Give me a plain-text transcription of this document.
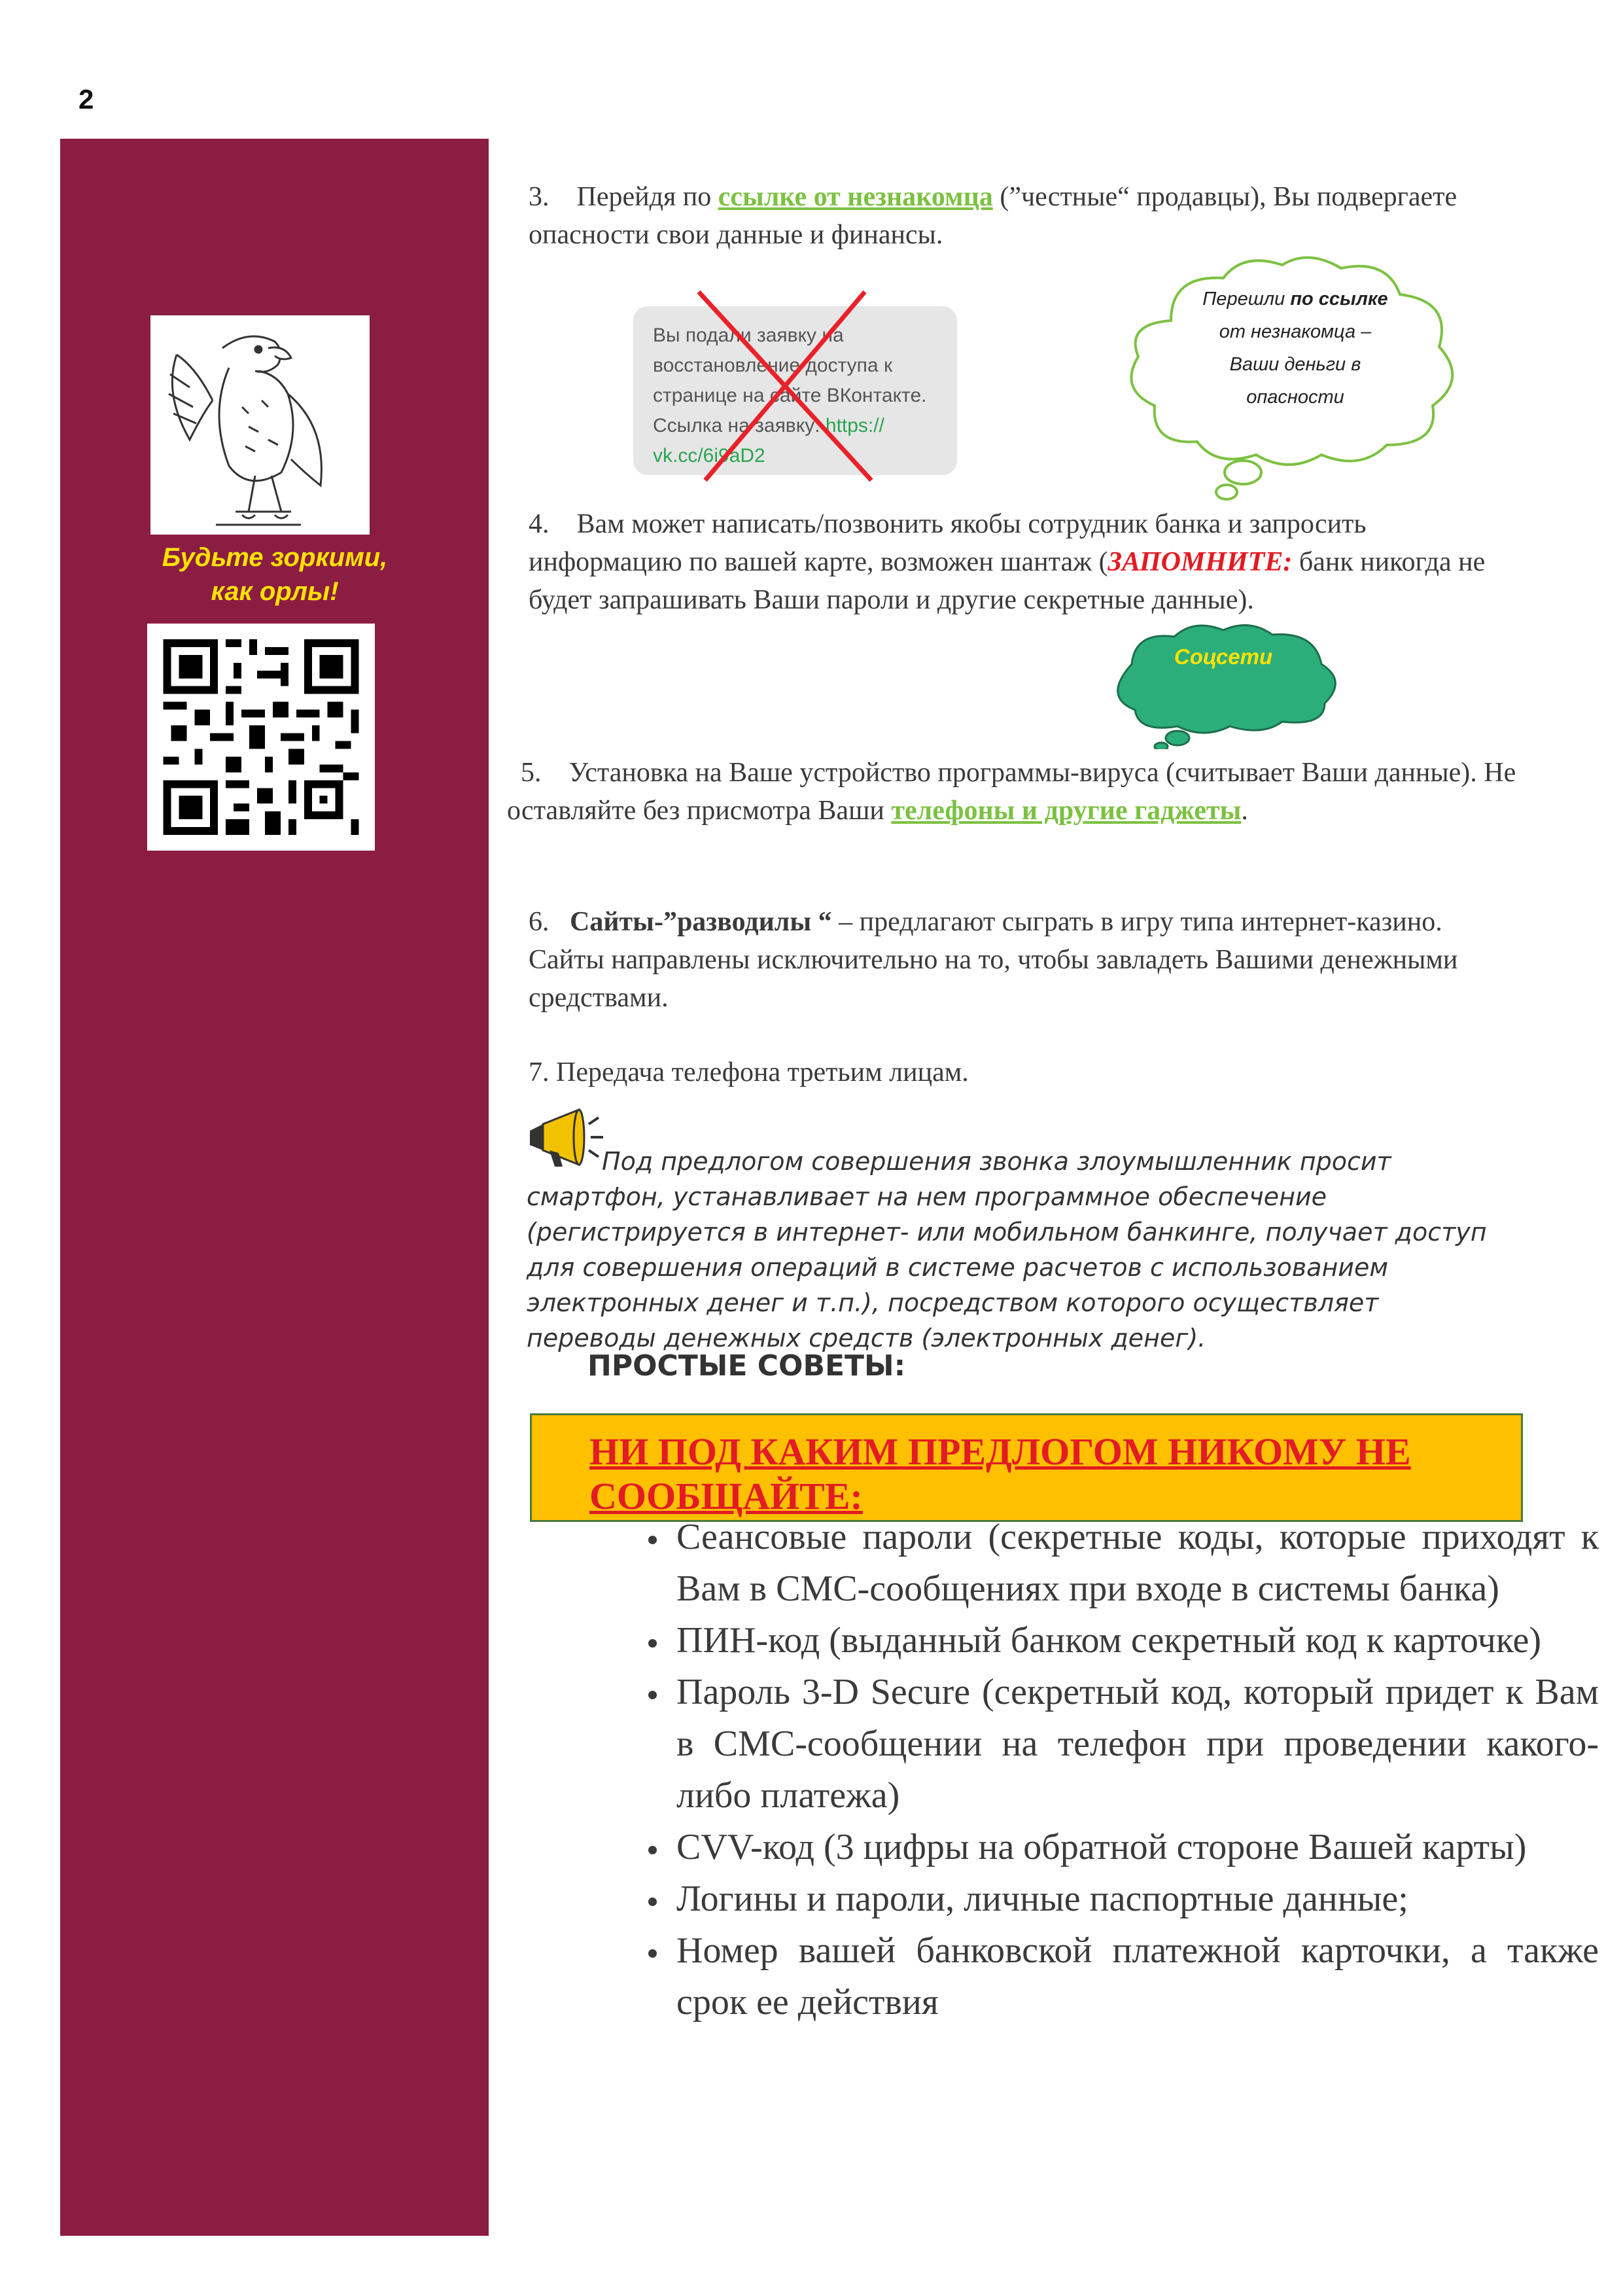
2
Будьте зоркими,
как орлы!
3. Перейдя по ссылке от незнакомца (”честные“ продавцы), Вы подвергаете опасности свои данные и финансы.
Вы подали заявку на восстановление доступа к странице на сайте ВКонтакте. Ссылка на заявку: https:// vk.cc/6i9aD2
Перешли по ссылке
от незнакомца –
Ваши деньги в
опасности
4. Вам может написать/позвонить якобы сотрудник банка и запросить информацию по вашей карте, возможен шантаж (ЗАПОМНИТЕ: банк никогда не будет запрашивать Ваши пароли и другие секретные данные).
Соцсети
5. Установка на Ваше устройство программы-вируса (считывает Ваши данные). Не оставляйте без присмотра Ваши телефоны и другие гаджеты.
6. Сайты-”разводилы “ – предлагают сыграть в игру типа интернет-казино. Сайты направлены исключительно на то, чтобы завладеть Вашими денежными средствами.
7. Передача телефона третьим лицам.
Под предлогом совершения звонка злоумышленник просит смартфон, устанавливает на нем программное обеспечение (регистрируется в интернет- или мобильном банкинге, получает доступ для совершения операций в системе расчетов с использованием электронных денег и т.п.), посредством которого осуществляет переводы денежных средств (электронных денег).
ПРОСТЫЕ СОВЕТЫ:
НИ ПОД КАКИМ ПРЕДЛОГОМ НИКОМУ НЕ СООБЩАЙТЕ:
• Сеансовые пароли (секретные коды, которые приходят к Вам в СМС-сообщениях при входе в системы банка)
• ПИН-код (выданный банком секретный код к карточке)
• Пароль 3-D Secure (секретный код, который придет к Вам в СМС-сообщении на телефон при проведении какого-либо платежа)
• CVV-код (3 цифры на обратной стороне Вашей карты)
• Логины и пароли, личные паспортные данные;
• Номер вашей банковской платежной карточки, а также срок ее действия
